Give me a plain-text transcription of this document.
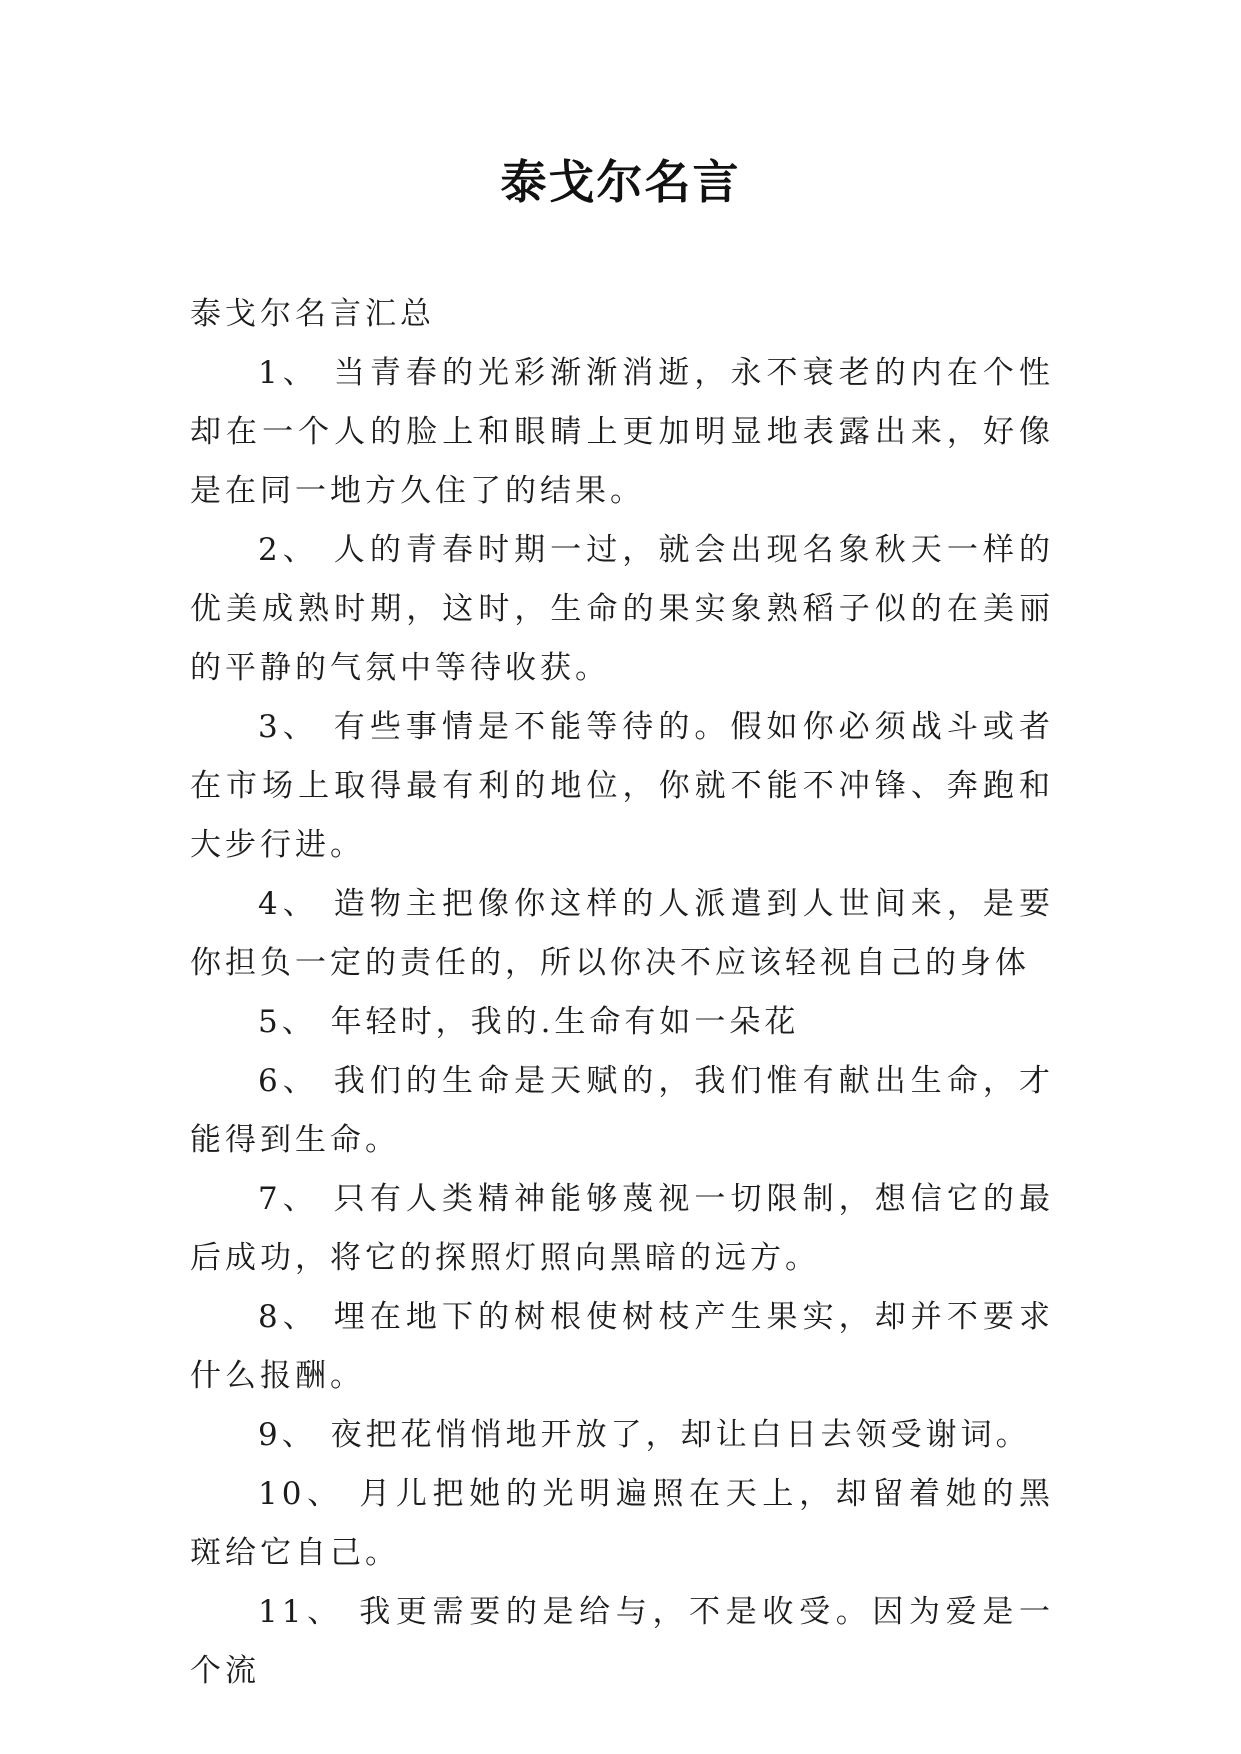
泰戈尔名言

泰戈尔名言汇总

1、 当青春的光彩渐渐消逝，永不衰老的内在个性却在一个人的脸上和眼睛上更加明显地表露出来，好像是在同一地方久住了的结果。

2、 人的青春时期一过，就会出现名象秋天一样的优美成熟时期，这时，生命的果实象熟稻子似的在美丽的平静的气氛中等待收获。

3、 有些事情是不能等待的。假如你必须战斗或者在市场上取得最有利的地位，你就不能不冲锋、奔跑和大步行进。

4、 造物主把像你这样的人派遣到人世间来，是要你担负一定的责任的，所以你决不应该轻视自己的身体

5、 年轻时，我的.生命有如一朵花

6、 我们的生命是天赋的，我们惟有献出生命，才能得到生命。

7、 只有人类精神能够蔑视一切限制，想信它的最后成功，将它的探照灯照向黑暗的远方。

8、 埋在地下的树根使树枝产生果实，却并不要求什么报酬。

9、 夜把花悄悄地开放了，却让白日去领受谢词。

10、 月儿把她的光明遍照在天上，却留着她的黑斑给它自己。

11、 我更需要的是给与，不是收受。因为爱是一个流
